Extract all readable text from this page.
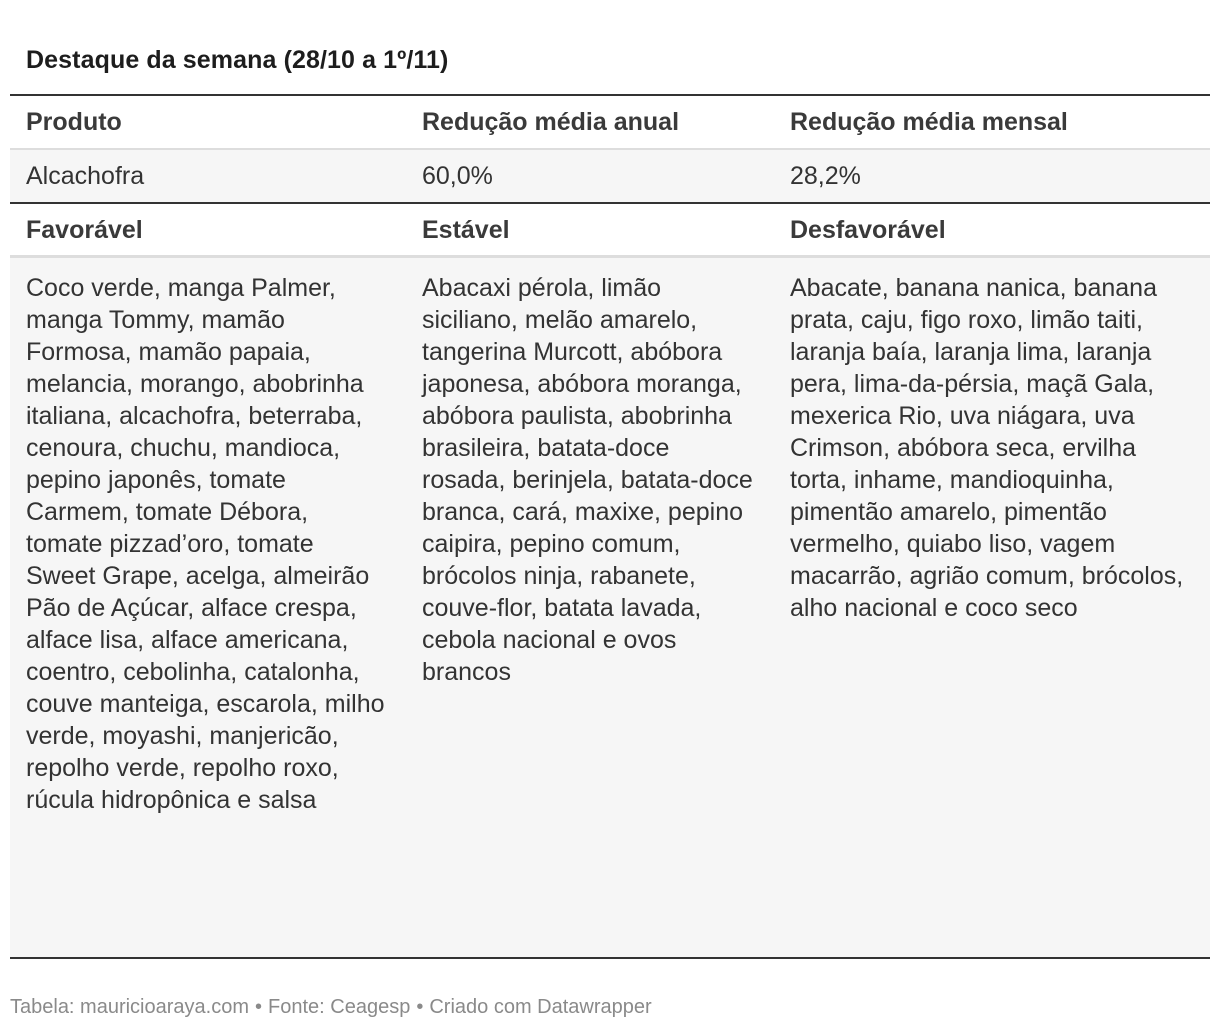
Destaque da semana (28/10 a 1º/11)
Produto	Redução média anual	Redução média mensal
Alcachofra	60,0%	28,2%
Favorável	Estável	Desfavorável
Coco verde, manga Palmer, manga Tommy, mamão Formosa, mamão papaia, melancia, morango, abobrinha italiana, alcachofra, beterraba, cenoura, chuchu, mandioca, pepino japonês, tomate Carmem, tomate Débora, tomate pizzad’oro, tomate Sweet Grape, acelga, almeirão Pão de Açúcar, alface crespa, alface lisa, alface americana, coentro, cebolinha, catalonha, couve manteiga, escarola, milho verde, moyashi, manjericão, repolho verde, repolho roxo, rúcula hidropônica e salsa
Abacaxi pérola, limão siciliano, melão amarelo, tangerina Murcott, abóbora japonesa, abóbora moranga, abóbora paulista, abobrinha brasileira, batata-doce rosada, berinjela, batata-doce branca, cará, maxixe, pepino caipira, pepino comum, brócolos ninja, rabanete, couve-flor, batata lavada, cebola nacional e ovos brancos
Abacate, banana nanica, banana prata, caju, figo roxo, limão taiti, laranja baía, laranja lima, laranja pera, lima-da-pérsia, maçã Gala, mexerica Rio, uva niágara, uva Crimson, abóbora seca, ervilha torta, inhame, mandioquinha, pimentão amarelo, pimentão vermelho, quiabo liso, vagem macarrão, agrião comum, brócolos, alho nacional e coco seco
Tabela: mauricioaraya.com • Fonte: Ceagesp • Criado com Datawrapper
